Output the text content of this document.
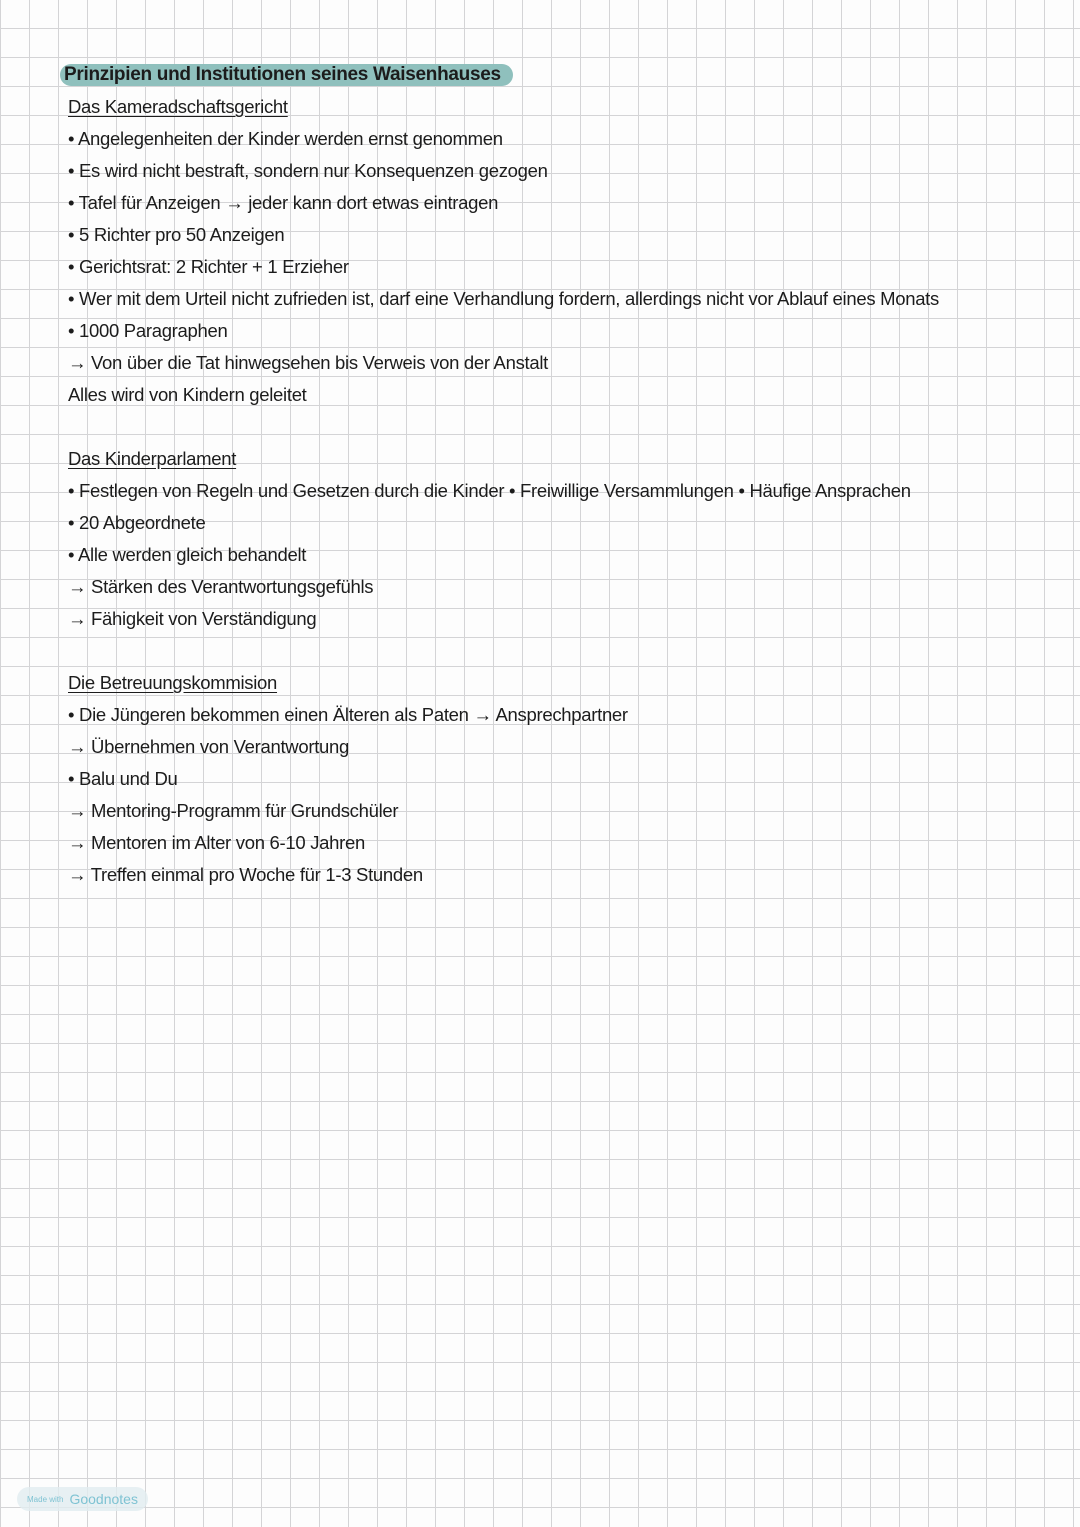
Prinzipien und Institutionen seines Waisenhauses
Das Kameradschaftsgericht
• Angelegenheiten der Kinder werden ernst genommen
• Es wird nicht bestraft, sondern nur Konsequenzen gezogen
• Tafel für Anzeigen → jeder kann dort etwas eintragen
• 5 Richter pro 50 Anzeigen
• Gerichtsrat: 2 Richter + 1 Erzieher
• Wer mit dem Urteil nicht zufrieden ist, darf eine Verhandlung fordern, allerdings nicht vor Ablauf eines Monats
• 1000 Paragraphen
→ Von über die Tat hinwegsehen bis Verweis von der Anstalt
Alles wird von Kindern geleitet
Das Kinderparlament
• Festlegen von Regeln und Gesetzen durch die Kinder • Freiwillige Versammlungen • Häufige Ansprachen
• 20 Abgeordnete
• Alle werden gleich behandelt
→ Stärken des Verantwortungsgefühls
→ Fähigkeit von Verständigung
Die Betreuungskommision
• Die Jüngeren bekommen einen Älteren als Paten → Ansprechpartner
→ Übernehmen von Verantwortung
• Balu und Du
→ Mentoring-Programm für Grundschüler
→ Mentoren im Alter von 6-10 Jahren
→ Treffen einmal pro Woche für 1-3 Stunden
Made with Goodnotes
